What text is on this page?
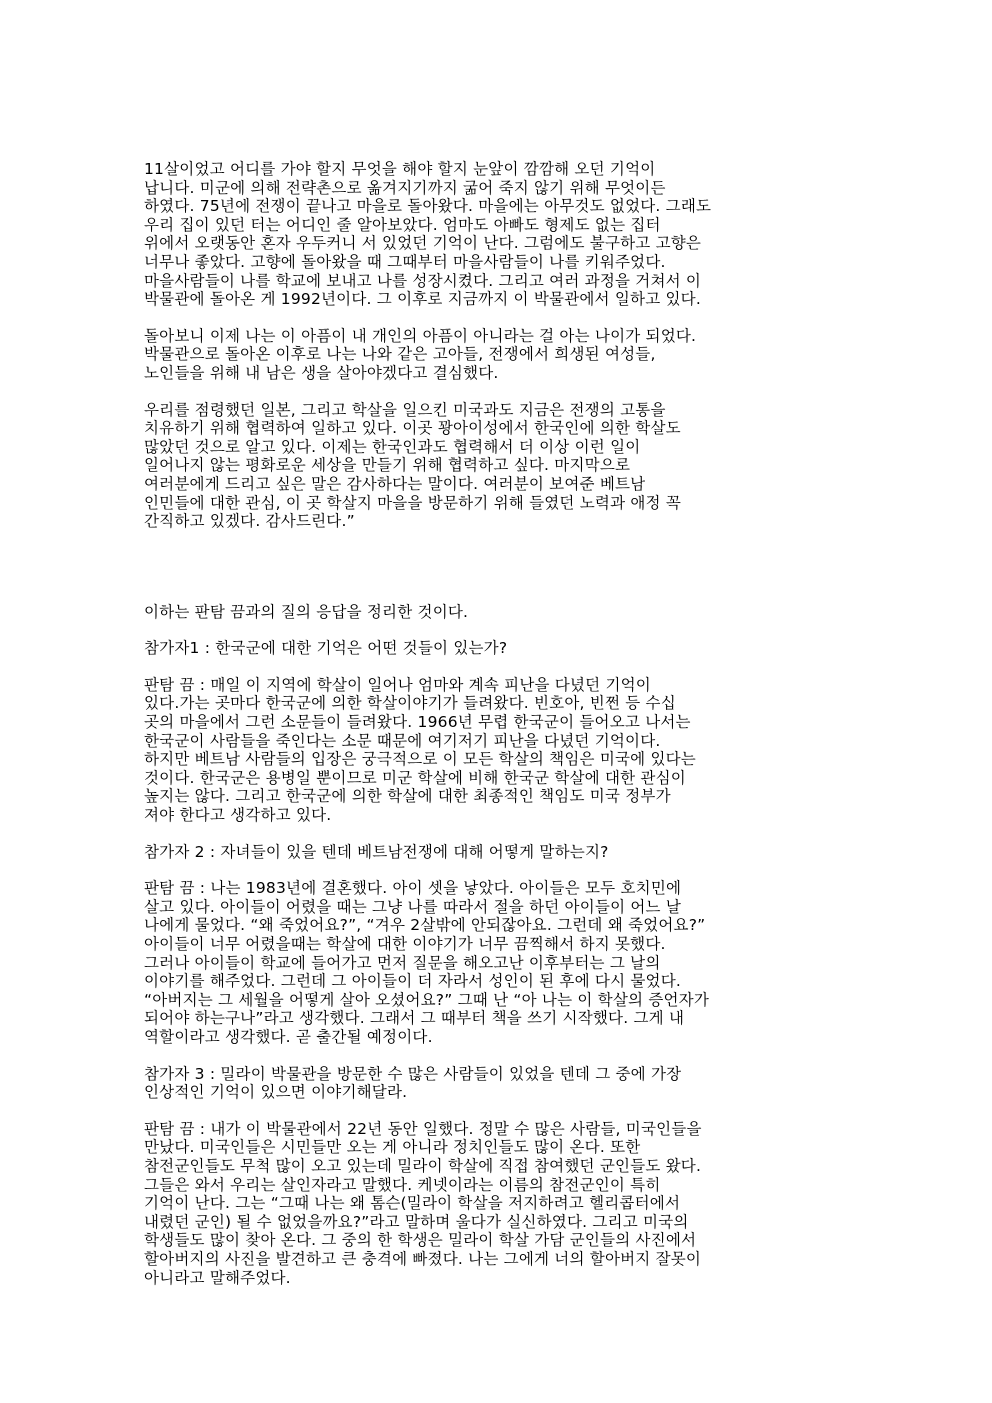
11살이었고 어디를 가야 할지 무엇을 해야 할지 눈앞이 깜깜해 오던 기억이
납니다. 미군에 의해 전략촌으로 옮겨지기까지 굶어 죽지 않기 위해 무엇이든
하였다. 75년에 전쟁이 끝나고 마을로 돌아왔다. 마을에는 아무것도 없었다. 그래도
우리 집이 있던 터는 어디인 줄 알아보았다. 엄마도 아빠도 형제도 없는 집터
위에서 오랫동안 혼자 우두커니 서 있었던 기억이 난다. 그럼에도 불구하고 고향은
너무나 좋았다. 고향에 돌아왔을 때 그때부터 마을사람들이 나를 키워주었다.
마을사람들이 나를 학교에 보내고 나를 성장시켰다. 그리고 여러 과정을 거쳐서 이
박물관에 돌아온 게 1992년이다. 그 이후로 지금까지 이 박물관에서 일하고 있다.
돌아보니 이제 나는 이 아픔이 내 개인의 아픔이 아니라는 걸 아는 나이가 되었다.
박물관으로 돌아온 이후로 나는 나와 같은 고아들, 전쟁에서 희생된 여성들,
노인들을 위해 내 남은 생을 살아야겠다고 결심했다.
우리를 점령했던 일본, 그리고 학살을 일으킨 미국과도 지금은 전쟁의 고통을
치유하기 위해 협력하여 일하고 있다. 이곳 꽝아이성에서 한국인에 의한 학살도
많았던 것으로 알고 있다. 이제는 한국인과도 협력해서 더 이상 이런 일이
일어나지 않는 평화로운 세상을 만들기 위해 협력하고 싶다. 마지막으로
여러분에게 드리고 싶은 말은 감사하다는 말이다. 여러분이 보여준 베트남
인민들에 대한 관심, 이 곳 학살지 마을을 방문하기 위해 들였던 노력과 애정 꼭
간직하고 있겠다. 감사드린다.”
이하는 판탐 끔과의 질의 응답을 정리한 것이다.
참가자1 : 한국군에 대한 기억은 어떤 것들이 있는가?
판탐 끔 : 매일 이 지역에 학살이 일어나 엄마와 계속 피난을 다녔던 기억이
있다.가는 곳마다 한국군에 의한 학살이야기가 들려왔다. 빈호아, 빈쩐 등 수십
곳의 마을에서 그런 소문들이 들려왔다. 1966년 무렵 한국군이 들어오고 나서는
한국군이 사람들을 죽인다는 소문 때문에 여기저기 피난을 다녔던 기억이다.
하지만 베트남 사람들의 입장은 궁극적으로 이 모든 학살의 책임은 미국에 있다는
것이다. 한국군은 용병일 뿐이므로 미군 학살에 비해 한국군 학살에 대한 관심이
높지는 않다. 그리고 한국군에 의한 학살에 대한 최종적인 책임도 미국 정부가
져야 한다고 생각하고 있다.
참가자 2 : 자녀들이 있을 텐데 베트남전쟁에 대해 어떻게 말하는지?
판탐 끔 : 나는 1983년에 결혼했다. 아이 셋을 낳았다. 아이들은 모두 호치민에
살고 있다. 아이들이 어렸을 때는 그냥 나를 따라서 절을 하던 아이들이 어느 날
나에게 물었다. “왜 죽었어요?”, “겨우 2살밖에 안되잖아요. 그런데 왜 죽었어요?”
아이들이 너무 어렸을때는 학살에 대한 이야기가 너무 끔찍해서 하지 못했다.
그러나 아이들이 학교에 들어가고 먼저 질문을 해오고난 이후부터는 그 날의
이야기를 해주었다. 그런데 그 아이들이 더 자라서 성인이 된 후에 다시 물었다.
“아버지는 그 세월을 어떻게 살아 오셨어요?” 그때 난 “아 나는 이 학살의 증언자가
되어야 하는구나”라고 생각했다. 그래서 그 때부터 책을 쓰기 시작했다. 그게 내
역할이라고 생각했다. 곧 출간될 예정이다.
참가자 3 : 밀라이 박물관을 방문한 수 많은 사람들이 있었을 텐데 그 중에 가장
인상적인 기억이 있으면 이야기해달라.
판탐 끔 : 내가 이 박물관에서 22년 동안 일했다. 정말 수 많은 사람들, 미국인들을
만났다. 미국인들은 시민들만 오는 게 아니라 정치인들도 많이 온다. 또한
참전군인들도 무척 많이 오고 있는데 밀라이 학살에 직접 참여했던 군인들도 왔다.
그들은 와서 우리는 살인자라고 말했다. 케넷이라는 이름의 참전군인이 특히
기억이 난다. 그는 “그때 나는 왜 톰슨(밀라이 학살을 저지하려고 헬리콥터에서
내렸던 군인) 될 수 없었을까요?”라고 말하며 울다가 실신하였다. 그리고 미국의
학생들도 많이 찾아 온다. 그 중의 한 학생은 밀라이 학살 가담 군인들의 사진에서
할아버지의 사진을 발견하고 큰 충격에 빠졌다. 나는 그에게 너의 할아버지 잘못이
아니라고 말해주었다.
